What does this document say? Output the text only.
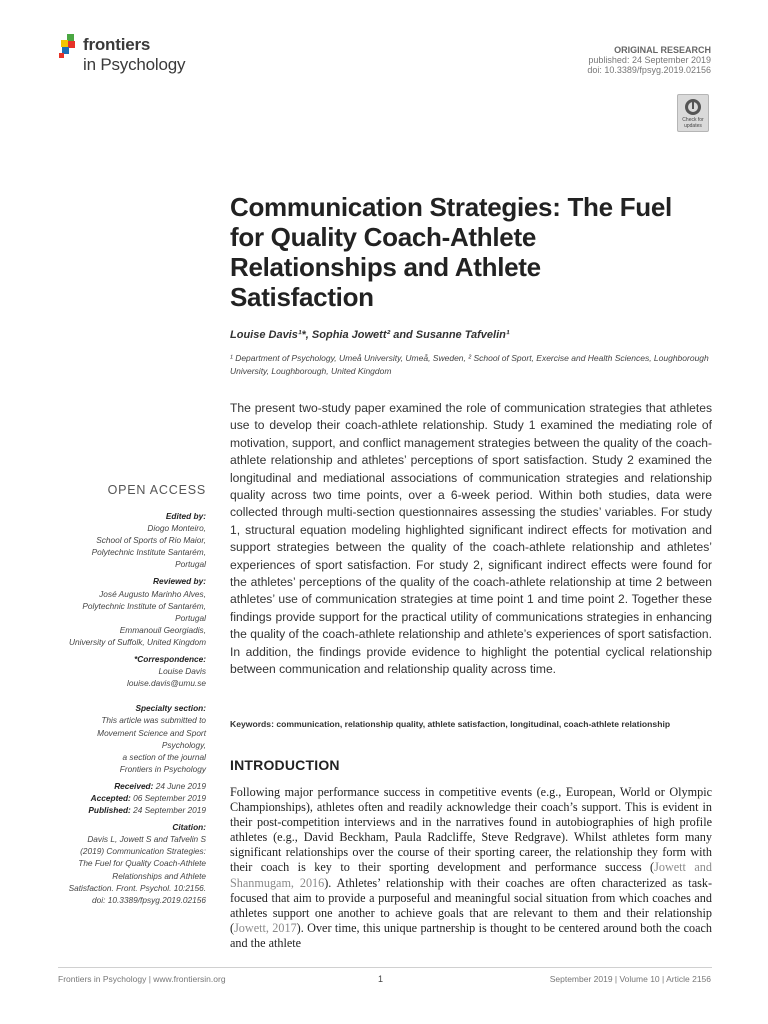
frontiers
in Psychology
ORIGINAL RESEARCH
published: 24 September 2019
doi: 10.3389/fpsyg.2019.02156
Check for updates
Communication Strategies: The Fuel for Quality Coach-Athlete Relationships and Athlete Satisfaction
Louise Davis¹*, Sophia Jowett² and Susanne Tafvelin¹
¹ Department of Psychology, Umeå University, Umeå, Sweden, ² School of Sport, Exercise and Health Sciences, Loughborough University, Loughborough, United Kingdom
OPEN ACCESS
Edited by:
Diogo Monteiro,
School of Sports of Rio Maior,
Polytechnic Institute Santarém,
Portugal
Reviewed by:
José Augusto Marinho Alves,
Polytechnic Institute of Santarém,
Portugal
Emmanouil Georgiadis,
University of Suffolk, United Kingdom
*Correspondence:
Louise Davis
louise.davis@umu.se
Specialty section:
This article was submitted to
Movement Science and Sport
Psychology,
a section of the journal
Frontiers in Psychology
Received: 24 June 2019
Accepted: 06 September 2019
Published: 24 September 2019
Citation:
Davis L, Jowett S and Tafvelin S
(2019) Communication Strategies:
The Fuel for Quality Coach-Athlete
Relationships and Athlete
Satisfaction. Front. Psychol. 10:2156.
doi: 10.3389/fpsyg.2019.02156

The present two-study paper examined the role of communication strategies that athletes use to develop their coach-athlete relationship. Study 1 examined the mediating role of motivation, support, and conflict management strategies between the quality of the coach-athlete relationship and athletes’ perceptions of sport satisfaction. Study 2 examined the longitudinal and mediational associations of communication strategies and relationship quality across two time points, over a 6-week period. Within both studies, data were collected through multi-section questionnaires assessing the studies’ variables. For study 1, structural equation modeling highlighted significant indirect effects for motivation and support strategies between the quality of the coach-athlete relationship and athletes’ experiences of sport satisfaction. For study 2, significant indirect effects were found for the athletes’ perceptions of the quality of the coach-athlete relationship at time 2 between athletes’ use of communication strategies at time point 1 and time point 2. Together these findings provide support for the practical utility of communications strategies in enhancing the quality of the coach-athlete relationship and athlete’s experiences of sport satisfaction. In addition, the findings provide evidence to highlight the potential cyclical relationship between communication and relationship quality across time.

Keywords: communication, relationship quality, athlete satisfaction, longitudinal, coach-athlete relationship
INTRODUCTION

Following major performance success in competitive events (e.g., European, World or Olympic Championships), athletes often and readily acknowledge their coach’s support. This is evident in their post-competition interviews and in the narratives found in autobiographies of high profile athletes (e.g., David Beckham, Paula Radcliffe, Steve Redgrave). Whilst athletes form many significant relationships over the course of their sporting career, the relationship they form with their coach is key to their sporting development and performance success (Jowett and Shanmugam, 2016). Athletes’ relationship with their coaches are often characterized as task-focused that aim to provide a purposeful and meaningful social situation from which coaches and athletes support one another to achieve goals that are relevant to them and their relationship (Jowett, 2017). Over time, this unique partnership is thought to be centered around both the coach and the athlete

Frontiers in Psychology | www.frontiersin.org	1	September 2019 | Volume 10 | Article 2156
